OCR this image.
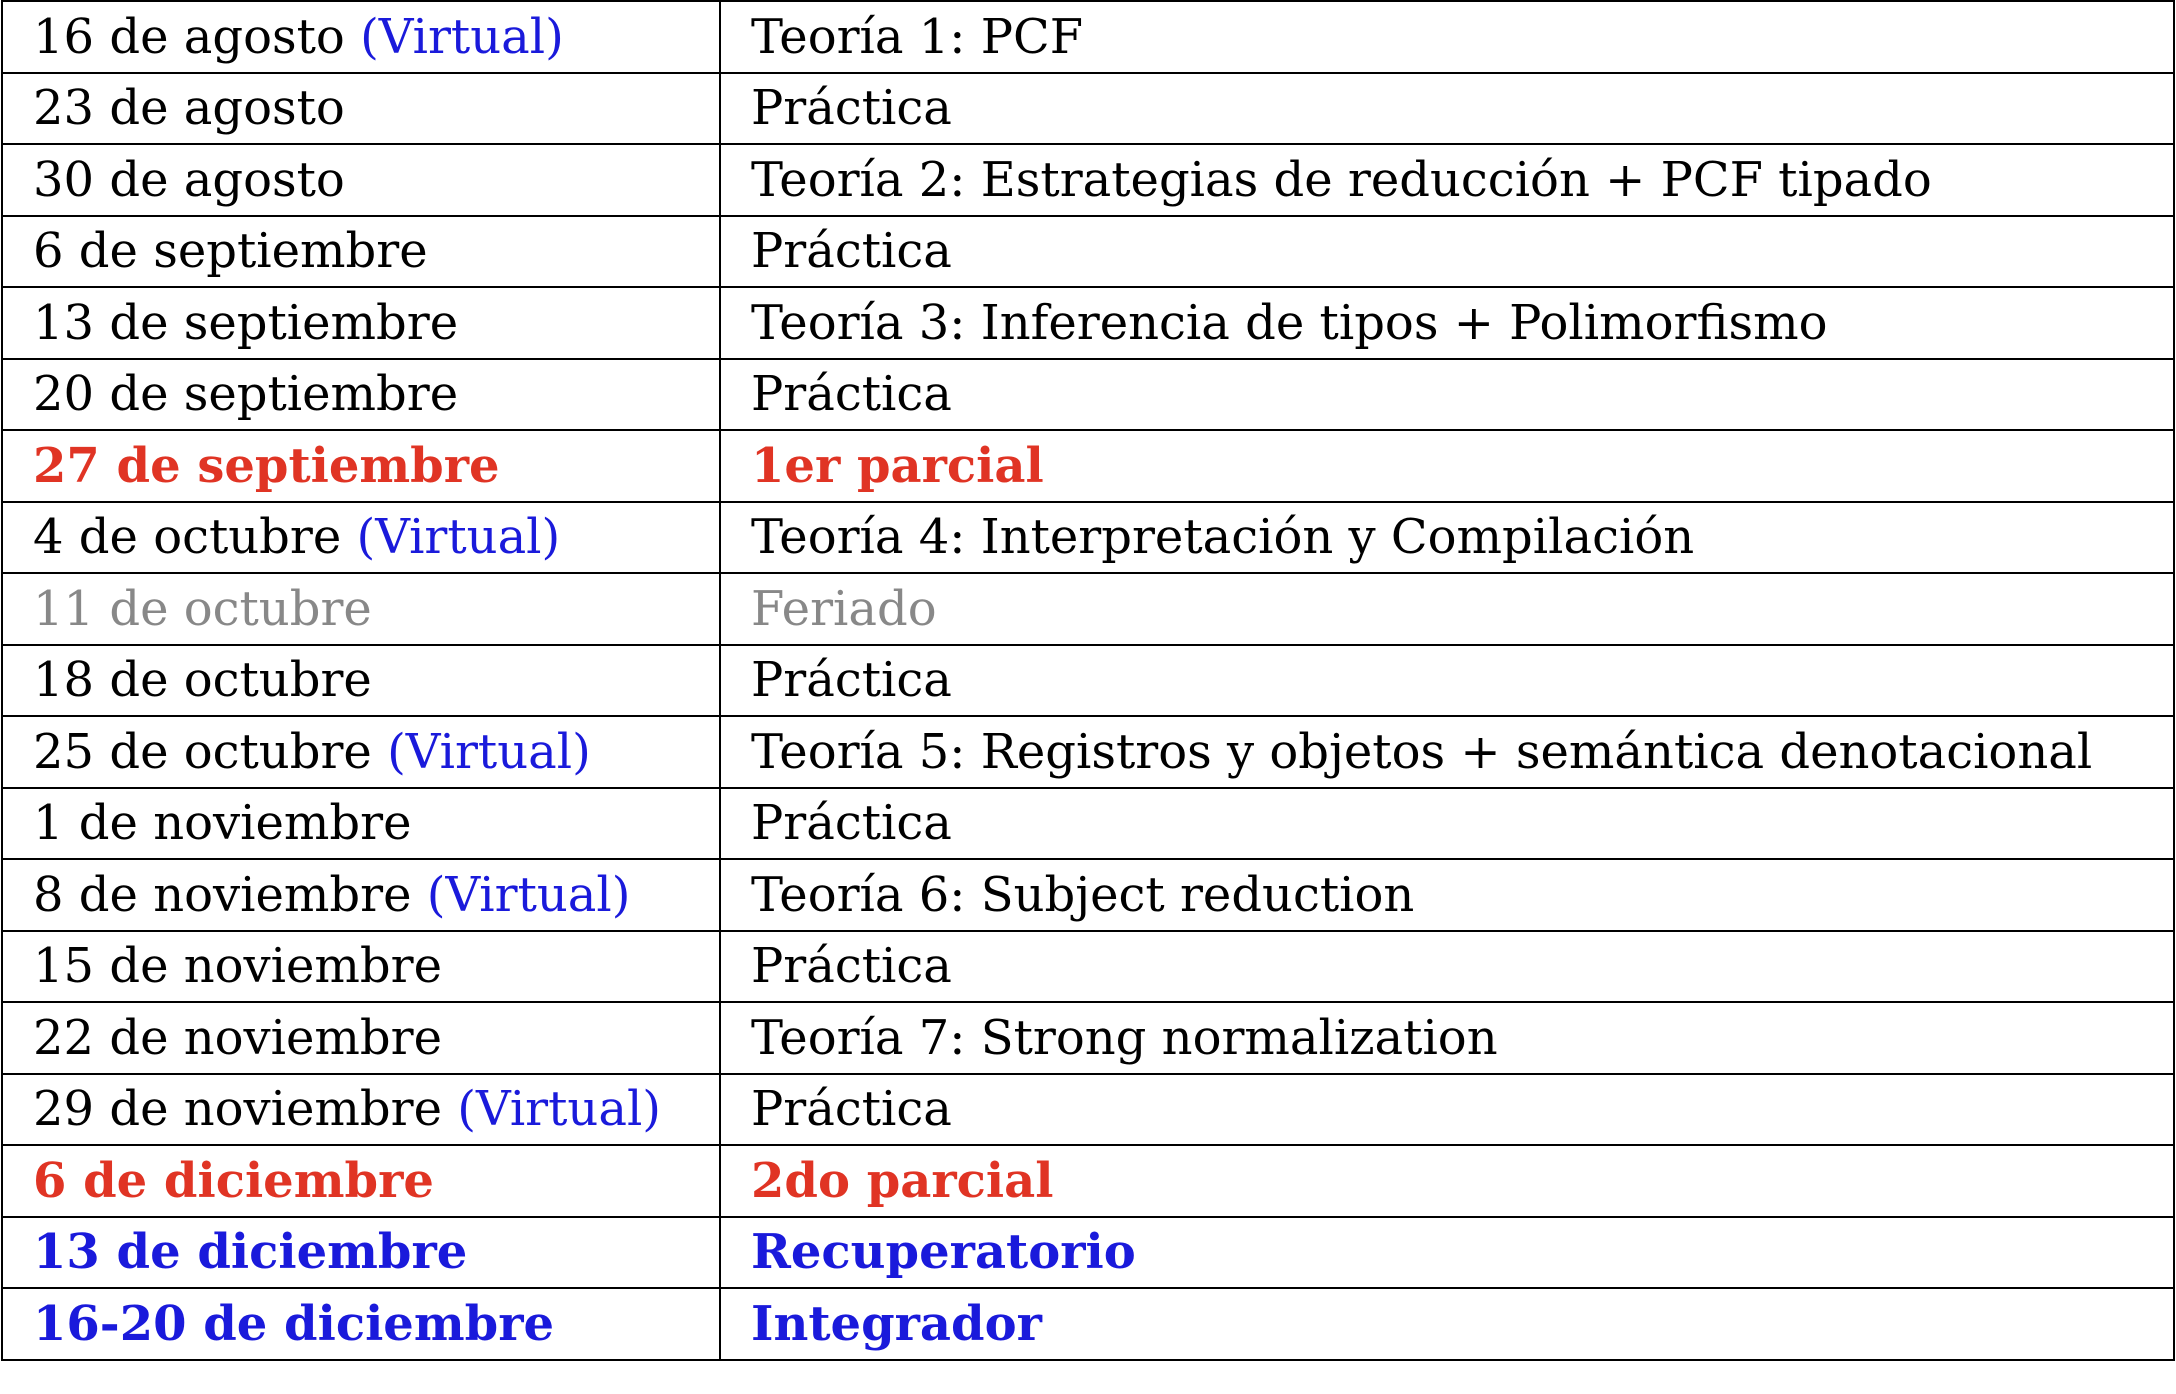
16 de agosto (Virtual)	Teoría 1: PCF
23 de agosto	Práctica
30 de agosto	Teoría 2: Estrategias de reducción + PCF tipado
6 de septiembre	Práctica
13 de septiembre	Teoría 3: Inferencia de tipos + Polimorfismo
20 de septiembre	Práctica
27 de septiembre	1er parcial
4 de octubre (Virtual)	Teoría 4: Interpretación y Compilación
11 de octubre	Feriado
18 de octubre	Práctica
25 de octubre (Virtual)	Teoría 5: Registros y objetos + semántica denotacional
1 de noviembre	Práctica
8 de noviembre (Virtual)	Teoría 6: Subject reduction
15 de noviembre	Práctica
22 de noviembre	Teoría 7: Strong normalization
29 de noviembre (Virtual)	Práctica
6 de diciembre	2do parcial
13 de diciembre	Recuperatorio
16-20 de diciembre	Integrador
